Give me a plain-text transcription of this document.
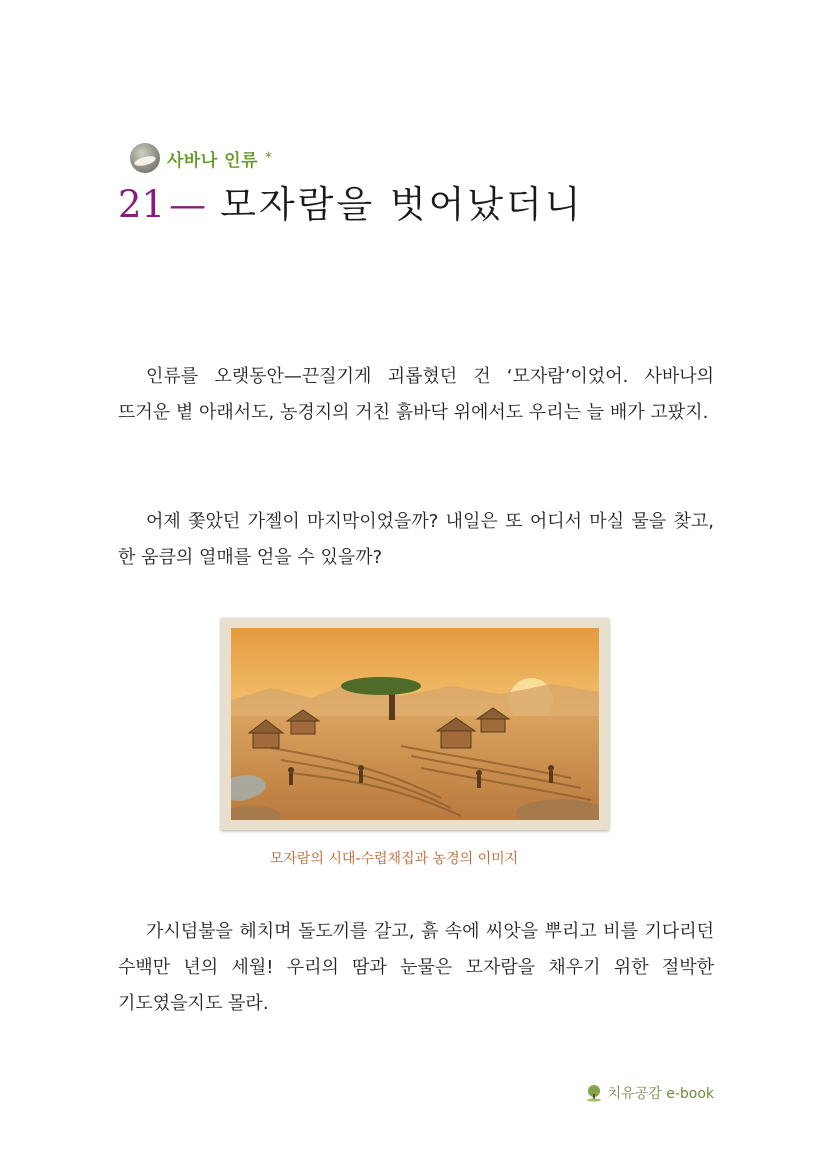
사바나 인류 *
21 — 모자람을 벗어났더니

인류를 오랫동안—끈질기게 괴롭혔던 건 ‘모자람’이었어. 사바나의 뜨거운 볕 아래서도, 농경지의 거친 흙바닥 위에서도 우리는 늘 배가 고팠지.

어제 쫓았던 가젤이 마지막이었을까? 내일은 또 어디서 마실 물을 찾고, 한 움큼의 열매를 얻을 수 있을까?

모자람의 시대-수렵채집과 농경의 이미지

가시덤불을 헤치며 돌도끼를 갈고, 흙 속에 씨앗을 뿌리고 비를 기다리던 수백만 년의 세월! 우리의 땀과 눈물은 모자람을 채우기 위한 절박한 기도였을지도 몰라.

치유공감 e-book
